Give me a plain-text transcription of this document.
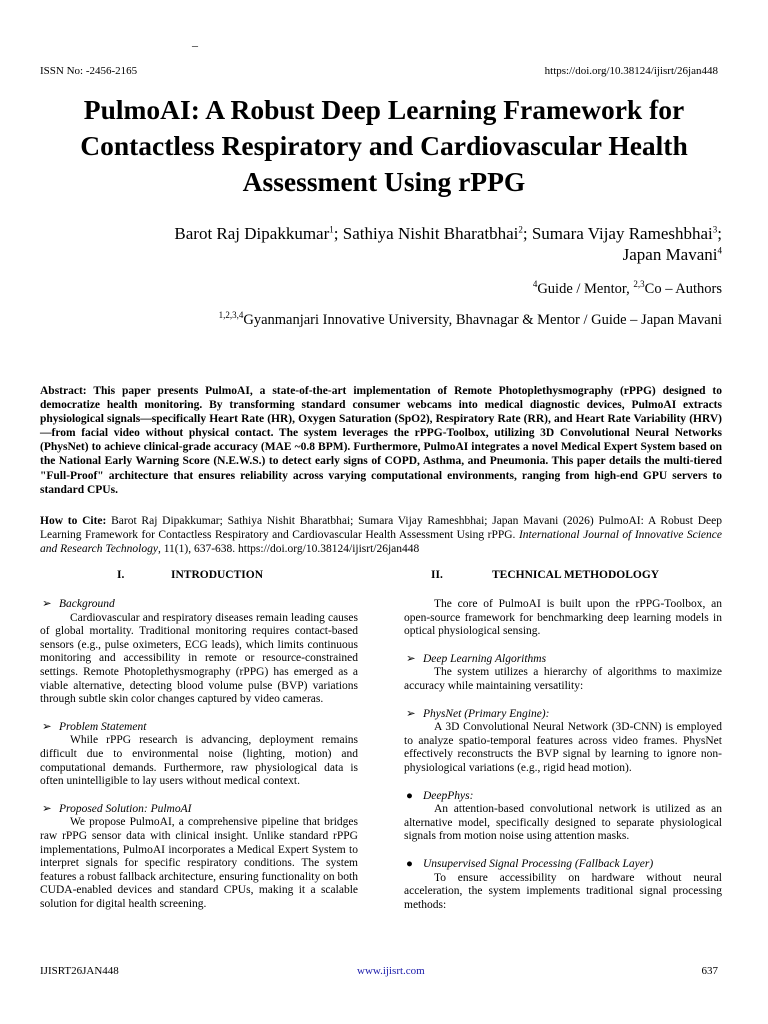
–
ISSN No: -2456-2165	https://doi.org/10.38124/ijisrt/26jan448
PulmoAI: A Robust Deep Learning Framework for Contactless Respiratory and Cardiovascular Health Assessment Using rPPG
Barot Raj Dipakkumar$^1$; Sathiya Nishit Bharatbhai$^2$; Sumara Vijay Rameshbhai$^3$;
Japan Mavani$^4$
$^4$Guide / Mentor, $^{2,3}$Co – Authors
$^{1,2,3,4}$Gyanmanjari Innovative University, Bhavnagar & Mentor / Guide – Japan Mavani
Abstract: This paper presents PulmoAI, a state-of-the-art implementation of Remote Photoplethysmography (rPPG) designed to democratize health monitoring. By transforming standard consumer webcams into medical diagnostic devices, PulmoAI extracts physiological signals—specifically Heart Rate (HR), Oxygen Saturation (SpO2), Respiratory Rate (RR), and Heart Rate Variability (HRV)—from facial video without physical contact. The system leverages the rPPG-Toolbox, utilizing 3D Convolutional Neural Networks (PhysNet) to achieve clinical-grade accuracy (MAE ~0.8 BPM). Furthermore, PulmoAI integrates a novel Medical Expert System based on the National Early Warning Score (N.E.W.S.) to detect early signs of COPD, Asthma, and Pneumonia. This paper details the multi-tiered "Full-Proof" architecture that ensures reliability across varying computational environments, ranging from high-end GPU servers to standard CPUs.
How to Cite: Barot Raj Dipakkumar; Sathiya Nishit Bharatbhai; Sumara Vijay Rameshbhai; Japan Mavani (2026) PulmoAI: A Robust Deep Learning Framework for Contactless Respiratory and Cardiovascular Health Assessment Using rPPG. International Journal of Innovative Science and Research Technology, 11(1), 637-638. https://doi.org/10.38124/ijisrt/26jan448
I.	INTRODUCTION	II.	TECHNICAL METHODOLOGY

➢ Background

Cardiovascular and respiratory diseases remain leading causes of global mortality. Traditional monitoring requires contact-based sensors (e.g., pulse oximeters, ECG leads), which limits continuous monitoring and accessibility in remote or resource-constrained settings. Remote Photoplethysmography (rPPG) has emerged as a viable alternative, detecting blood volume pulse (BVP) variations through subtle skin color changes captured by video cameras.

➢ Problem Statement

While rPPG research is advancing, deployment remains difficult due to environmental noise (lighting, motion) and computational demands. Furthermore, raw physiological data is often unintelligible to lay users without medical context.

➢ Proposed Solution: PulmoAI

We propose PulmoAI, a comprehensive pipeline that bridges raw rPPG sensor data with clinical insight. Unlike standard rPPG implementations, PulmoAI incorporates a Medical Expert System to interpret signals for specific respiratory conditions. The system features a robust fallback architecture, ensuring functionality on both CUDA-enabled devices and standard CPUs, making it a scalable solution for digital health screening.

The core of PulmoAI is built upon the rPPG-Toolbox, an open-source framework for benchmarking deep learning models in optical physiological sensing.

➢ Deep Learning Algorithms

The system utilizes a hierarchy of algorithms to maximize accuracy while maintaining versatility:

➢ PhysNet (Primary Engine):

A 3D Convolutional Neural Network (3D-CNN) is employed to analyze spatio-temporal features across video frames. PhysNet effectively reconstructs the BVP signal by learning to ignore non-physiological variations (e.g., rigid head motion).

● DeepPhys:

An attention-based convolutional network is utilized as an alternative model, specifically designed to separate physiological signals from motion noise using attention masks.

● Unsupervised Signal Processing (Fallback Layer)

To ensure accessibility on hardware without neural acceleration, the system implements traditional signal processing methods:

IJISRT26JAN448	www.ijisrt.com	637
